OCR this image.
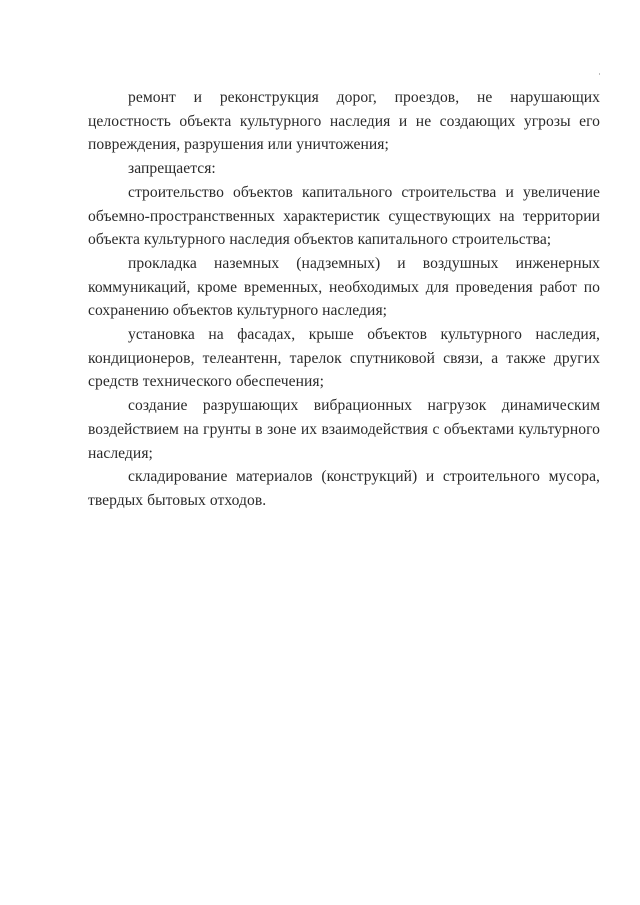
ремонт и реконструкция дорог, проездов, не нарушающих целостность объекта культурного наследия и не создающих угрозы его повреждения, разрушения или уничтожения;

запрещается:

строительство объектов капитального строительства и увеличение объемно-пространственных характеристик существующих на территории объекта культурного наследия объектов капитального строительства;

прокладка наземных (надземных) и воздушных инженерных коммуникаций, кроме временных, необходимых для проведения работ по сохранению объектов культурного наследия;

установка на фасадах, крыше объектов культурного наследия, кондиционеров, телеантенн, тарелок спутниковой связи, а также других средств технического обеспечения;

создание разрушающих вибрационных нагрузок динамическим воздействием на грунты в зоне их взаимодействия с объектами культурного наследия;

складирование материалов (конструкций) и строительного мусора, твердых бытовых отходов.
